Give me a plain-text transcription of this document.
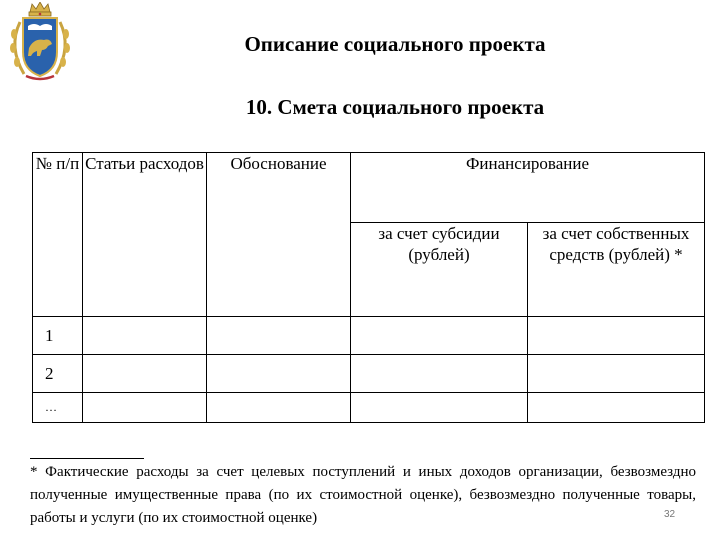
Описание социального проекта
10. Смета социального проекта
№ п/п	Статьи расходов	Обоснование	Финансирование	
			за счет субсидии (рублей)	за счет собственных средств (рублей) *
1				
2				
…				
* Фактические расходы за счет целевых поступлений и иных доходов организации, безвозмездно полученные имущественные права (по их стоимостной оценке), безвозмездно полученные товары, работы и услуги (по их стоимостной оценке)	32
